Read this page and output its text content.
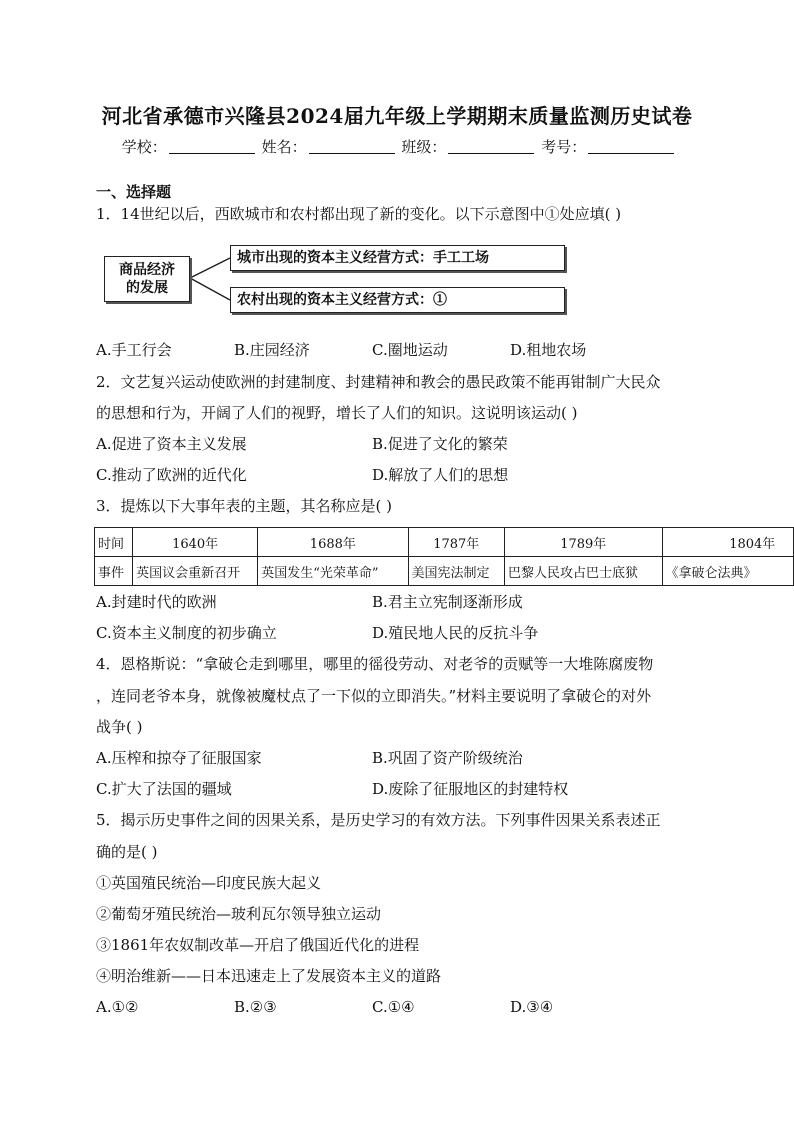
河北省承德市兴隆县2024届九年级上学期期末质量监测历史试卷
学校：	姓名：	班级：	考号：
一、选择题
1．14世纪以后，西欧城市和农村都出现了新的变化。以下示意图中①处应填( )
商品经济
的发展
城市出现的资本主义经营方式：手工工场
农村出现的资本主义经营方式：①
A.手工行会	B.庄园经济	C.圈地运动	D.租地农场
2．文艺复兴运动使欧洲的封建制度、封建精神和教会的愚民政策不能再钳制广大民众
的思想和行为，开阔了人们的视野，增长了人们的知识。这说明该运动( )
A.促进了资本主义发展	B.促进了文化的繁荣
C.推动了欧洲的近代化	D.解放了人们的思想
3．提炼以下大事年表的主题，其名称应是( )
时间	1640年	1688年	1787年	1789年	1804年
事件	英国议会重新召开	英国发生“光荣革命”	美国宪法制定	巴黎人民攻占巴士底狱	《拿破仑法典》
A.封建时代的欧洲	B.君主立宪制逐渐形成
C.资本主义制度的初步确立	D.殖民地人民的反抗斗争
4．恩格斯说：“拿破仑走到哪里，哪里的徭役劳动、对老爷的贡赋等一大堆陈腐废物
，连同老爷本身，就像被魔杖点了一下似的立即消失。”材料主要说明了拿破仑的对外
战争( )
A.压榨和掠夺了征服国家	B.巩固了资产阶级统治
C.扩大了法国的疆域	D.废除了征服地区的封建特权
5．揭示历史事件之间的因果关系，是历史学习的有效方法。下列事件因果关系表述正
确的是( )
①英国殖民统治—印度民族大起义
②葡萄牙殖民统治—玻利瓦尔领导独立运动
③1861年农奴制改革—开启了俄国近代化的进程
④明治维新——日本迅速走上了发展资本主义的道路
A.①②	B.②③	C.①④	D.③④
